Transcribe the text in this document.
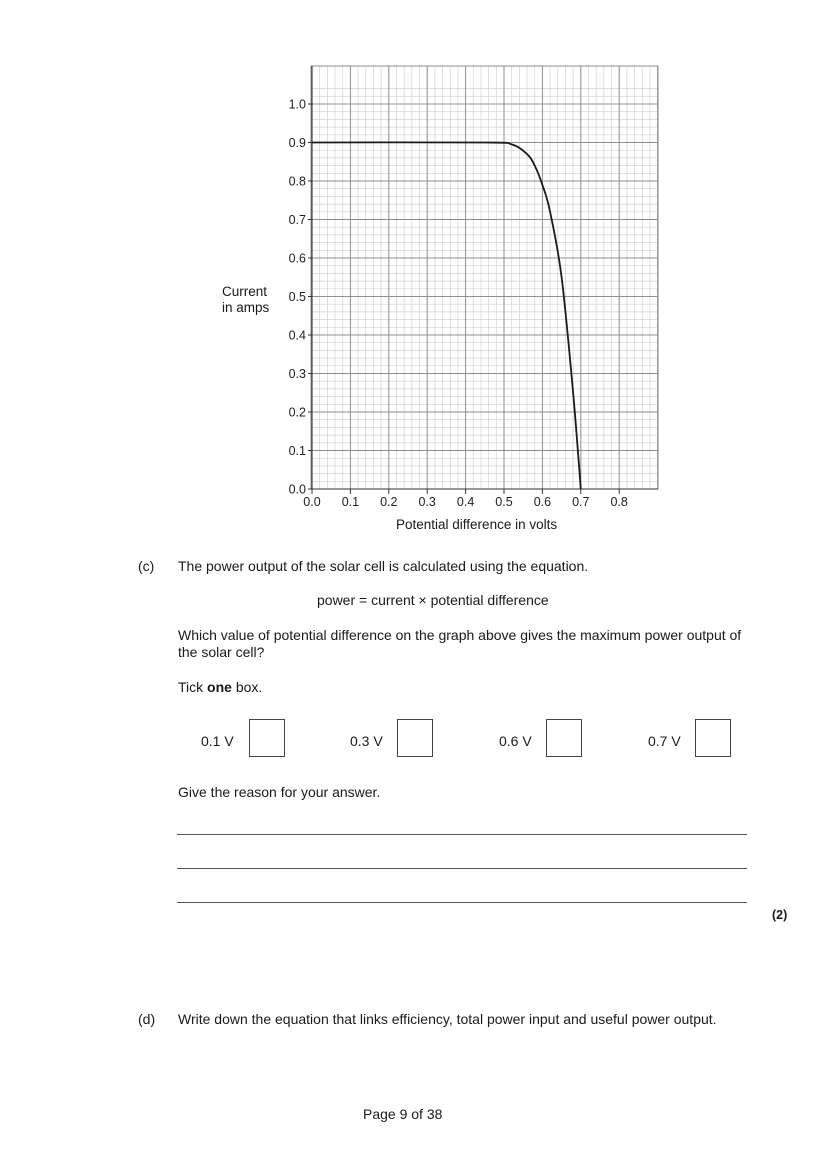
0.0
0.1
0.2
0.3
0.4
0.5
0.6
0.7
0.8
0.9
1.0
0.0 0.1 0.2 0.3 0.4 0.5 0.6 0.7 0.8
Current
in amps
Potential difference in volts
(c) The power output of the solar cell is calculated using the equation.
power = current × potential difference
Which value of potential difference on the graph above gives the maximum power output of the solar cell?
Tick one box.
0.1 V	0.3 V	0.6 V	0.7 V
Give the reason for your answer.
(2)
(d) Write down the equation that links efficiency, total power input and useful power output.
Page 9 of 38
